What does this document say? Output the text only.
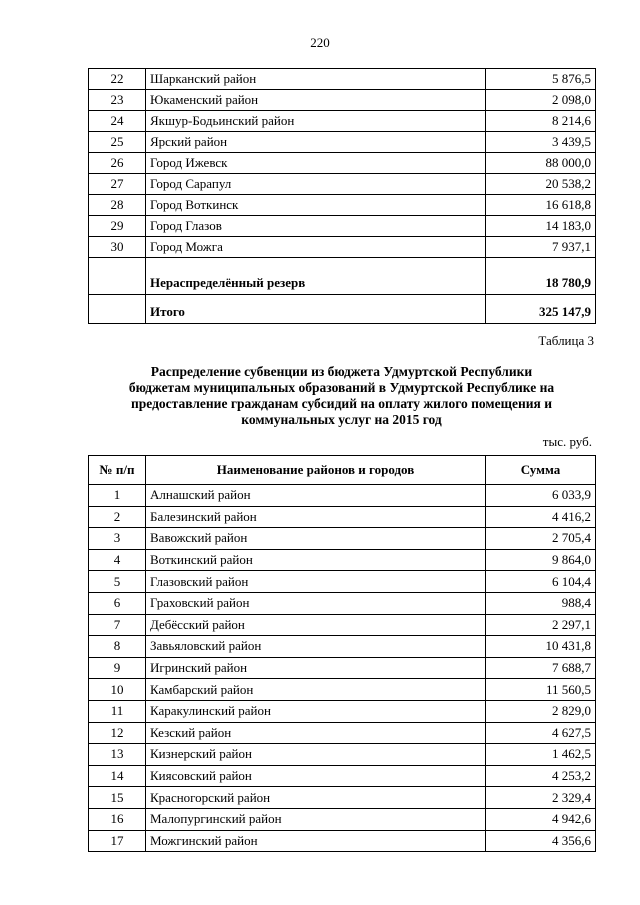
220
22	Шарканский район	5 876,5
23	Юкаменский район	2 098,0
24	Якшур-Бодьинский район	8 214,6
25	Ярский район	3 439,5
26	Город Ижевск	88 000,0
27	Город Сарапул	20 538,2
28	Город Воткинск	16 618,8
29	Город Глазов	14 183,0
30	Город Можга	7 937,1
	Нераспределённый резерв	18 780,9
	Итого	325 147,9
Таблица 3
Распределение субвенции из бюджета Удмуртской Республики
бюджетам муниципальных образований в Удмуртской Республике на
предоставление гражданам субсидий на оплату жилого помещения и
коммунальных услуг на 2015 год
тыс. руб.
№ п/п	Наименование районов и городов	Сумма
1	Алнашский район	6 033,9
2	Балезинский район	4 416,2
3	Вавожский район	2 705,4
4	Воткинский район	9 864,0
5	Глазовский район	6 104,4
6	Граховский район	988,4
7	Дебёсский район	2 297,1
8	Завьяловский район	10 431,8
9	Игринский район	7 688,7
10	Камбарский район	11 560,5
11	Каракулинский район	2 829,0
12	Кезский район	4 627,5
13	Кизнерский район	1 462,5
14	Киясовский район	4 253,2
15	Красногорский район	2 329,4
16	Малопургинский район	4 942,6
17	Можгинский район	4 356,6
